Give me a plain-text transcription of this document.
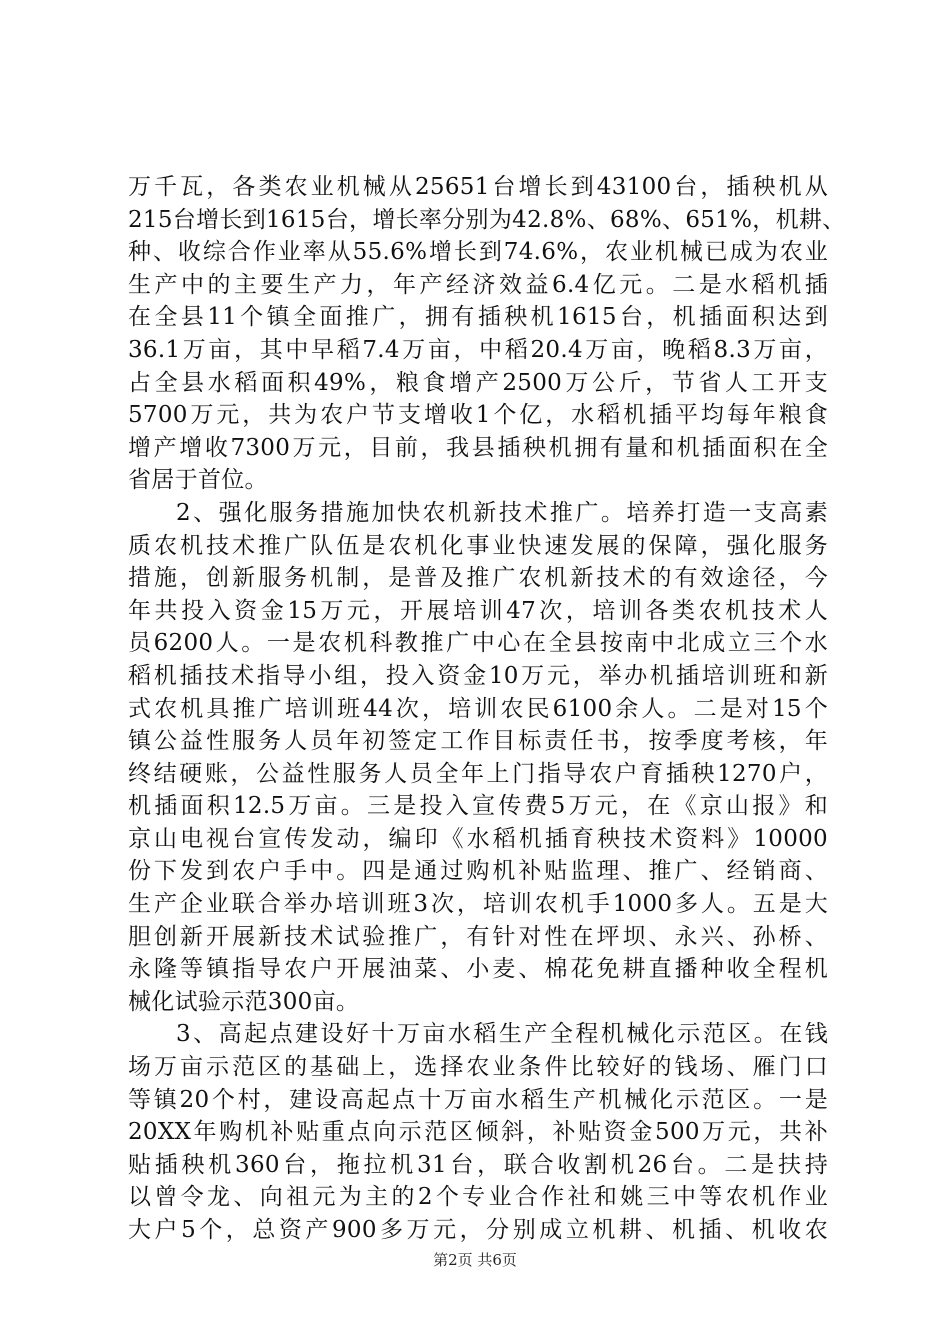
万千瓦，各类农业机械从25651台增长到43100台，插秧机从
215台增长到1615台，增长率分别为42.8%、68%、651%，机耕、
种、收综合作业率从55.6%增长到74.6%，农业机械已成为农业
生产中的主要生产力，年产经济效益6.4亿元。二是水稻机插
在全县11个镇全面推广，拥有插秧机1615台，机插面积达到
36.1万亩，其中早稻7.4万亩，中稻20.4万亩，晚稻8.3万亩，
占全县水稻面积49%，粮食增产2500万公斤，节省人工开支
5700万元，共为农户节支增收1个亿，水稻机插平均每年粮食
增产增收7300万元，目前，我县插秧机拥有量和机插面积在全
省居于首位。
2、强化服务措施加快农机新技术推广。培养打造一支高素
质农机技术推广队伍是农机化事业快速发展的保障，强化服务
措施，创新服务机制，是普及推广农机新技术的有效途径，今
年共投入资金15万元，开展培训47次，培训各类农机技术人
员6200人。一是农机科教推广中心在全县按南中北成立三个水
稻机插技术指导小组，投入资金10万元，举办机插培训班和新
式农机具推广培训班44次，培训农民6100余人。二是对15个
镇公益性服务人员年初签定工作目标责任书，按季度考核，年
终结硬账，公益性服务人员全年上门指导农户育插秧1270户，
机插面积12.5万亩。三是投入宣传费5万元，在《京山报》和
京山电视台宣传发动，编印《水稻机插育秧技术资料》10000
份下发到农户手中。四是通过购机补贴监理、推广、经销商、
生产企业联合举办培训班3次，培训农机手1000多人。五是大
胆创新开展新技术试验推广，有针对性在坪坝、永兴、孙桥、
永隆等镇指导农户开展油菜、小麦、棉花免耕直播种收全程机
械化试验示范300亩。
3、高起点建设好十万亩水稻生产全程机械化示范区。在钱
场万亩示范区的基础上，选择农业条件比较好的钱场、雁门口
等镇20个村，建设高起点十万亩水稻生产机械化示范区。一是
20XX年购机补贴重点向示范区倾斜，补贴资金500万元，共补
贴插秧机360台，拖拉机31台，联合收割机26台。二是扶持
以曾令龙、向祖元为主的2个专业合作社和姚三中等农机作业
大户5个，总资产900多万元，分别成立机耕、机插、机收农
第2页 共6页
